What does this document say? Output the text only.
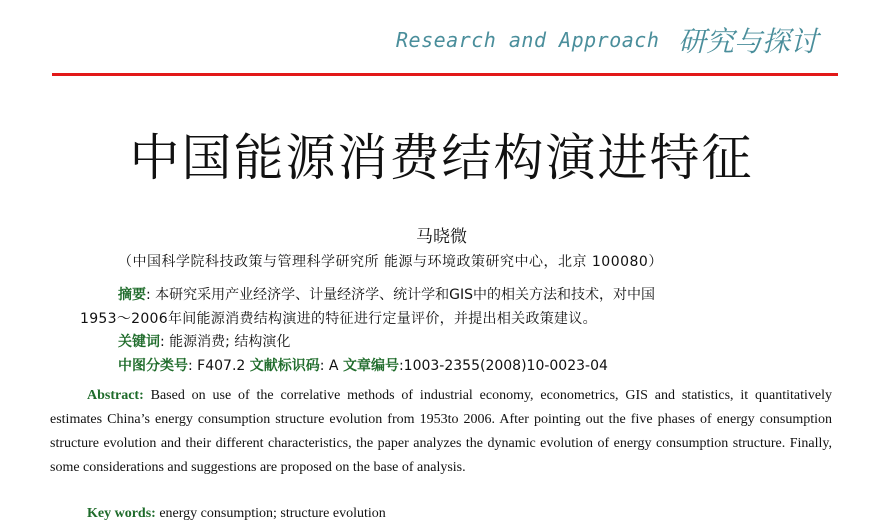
Research and Approach 研究与探讨
中国能源消费结构演进特征
马晓微
（中国科学院科技政策与管理科学研究所 能源与环境政策研究中心，北京 100080）
摘要: 本研究采用产业经济学、计量经济学、统计学和GIS中的相关方法和技术，对中国
1953～2006年间能源消费结构演进的特征进行定量评价，并提出相关政策建议。
关键词: 能源消费; 结构演化
中图分类号: F407.2 文献标识码: A 文章编号:1003-2355(2008)10-0023-04
Abstract: Based on use of the correlative methods of industrial economy, econometrics, GIS and statistics, it quantitatively estimates China’s energy consumption structure evolution from 1953to 2006. After pointing out the five phases of energy consumption structure evolution and their different characteristics, the paper analyzes the dynamic evolution of energy consumption structure. Finally, some considerations and suggestions are proposed on the base of analysis.
Key words: energy consumption; structure evolution
